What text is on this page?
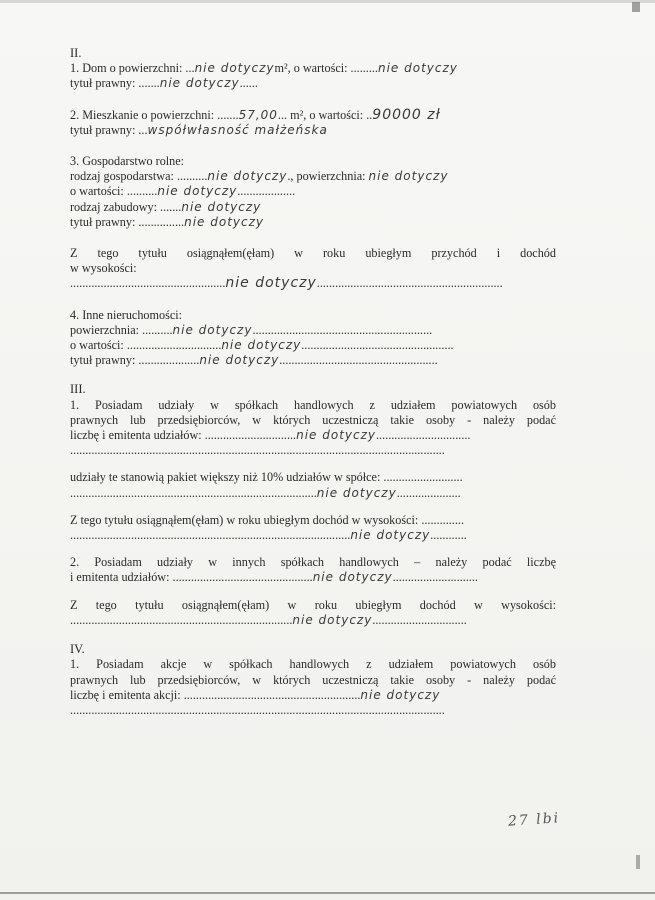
II.
1. Dom o powierzchni: ...nie dotyczym², o wartości: .........nie dotyczy
tytuł prawny: .......nie dotyczy......
2. Mieszkanie o powierzchni: .......57,00... m², o wartości: ..90000 zł
tytuł prawny: ...współwłasność małżeńska
3. Gospodarstwo rolne:
rodzaj gospodarstwa: ..........nie dotyczy., powierzchnia: nie dotyczy
o wartości: ..........nie dotyczy...................
rodzaj zabudowy: .......nie dotyczy
tytuł prawny: ...............nie dotyczy
Z tego tytułu osiągnąłem(ęłam) w roku ubiegłym przychód i dochód
w wysokości:
...................................................nie dotyczy.............................................................
4. Inne nieruchomości:
powierzchnia: ..........nie dotyczy...........................................................
o wartości: ...............................nie dotyczy..................................................
tytuł prawny: ....................nie dotyczy....................................................
III.
1. Posiadam udziały w spółkach handlowych z udziałem powiatowych osób
prawnych lub przedsiębiorców, w których uczestniczą takie osoby - należy podać
liczbę i emitenta udziałów: ..............................nie dotyczy...............................
...........................................................................................................................
udziały te stanowią pakiet większy niż 10% udziałów w spółce: ..........................
.................................................................................nie dotyczy.....................
Z tego tytułu osiągnąłem(ęłam) w roku ubiegłym dochód w wysokości: ..............
............................................................................................nie dotyczy............
2. Posiadam udziały w innych spółkach handlowych – należy podać liczbę
i emitenta udziałów: ..............................................nie dotyczy............................
Z tego tytułu osiągnąłem(ęłam) w roku ubiegłym dochód w wysokości:
.........................................................................nie dotyczy...............................
IV.
1. Posiadam akcje w spółkach handlowych z udziałem powiatowych osób
prawnych lub przedsiębiorców, w których uczestniczą takie osoby - należy podać
liczbę i emitenta akcji: ..........................................................nie dotyczy
...........................................................................................................................
27 lbi
